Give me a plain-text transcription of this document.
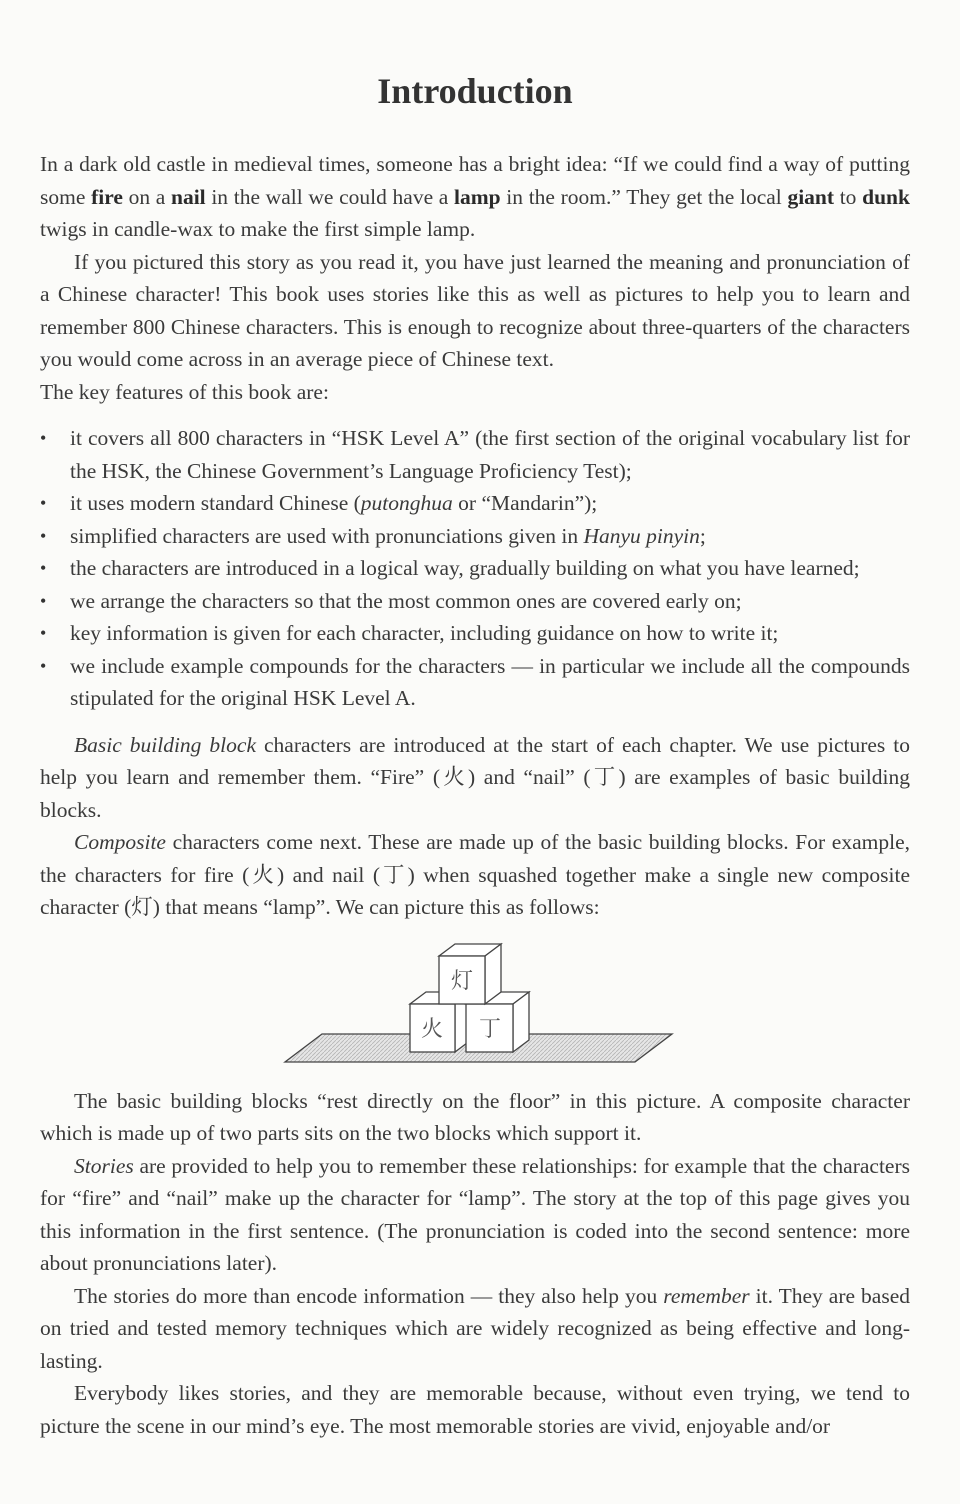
Introduction

In a dark old castle in medieval times, someone has a bright idea: “If we could find a way of putting some fire on a nail in the wall we could have a lamp in the room.” They get the local giant to dunk twigs in candle-wax to make the first simple lamp.

If you pictured this story as you read it, you have just learned the meaning and pronunciation of a Chinese character! This book uses stories like this as well as pictures to help you to learn and remember 800 Chinese characters. This is enough to recognize about three-quarters of the characters you would come across in an average piece of Chinese text.

The key features of this book are:

• it covers all 800 characters in “HSK Level A” (the first section of the original vocabulary list for the HSK, the Chinese Government’s Language Proficiency Test);
• it uses modern standard Chinese (putonghua or “Mandarin”);
• simplified characters are used with pronunciations given in Hanyu pinyin;
• the characters are introduced in a logical way, gradually building on what you have learned;
• we arrange the characters so that the most common ones are covered early on;
• key information is given for each character, including guidance on how to write it;
• we include example compounds for the characters — in particular we include all the compounds stipulated for the original HSK Level A.

Basic building block characters are introduced at the start of each chapter. We use pictures to help you learn and remember them. “Fire” (火) and “nail” (丁) are examples of basic building blocks.

Composite characters come next. These are made up of the basic building blocks. For example, the characters for fire (火) and nail (丁) when squashed together make a single new composite character (灯) that means “lamp”. We can picture this as follows:

火 丁
灯

The basic building blocks “rest directly on the floor” in this picture. A composite character which is made up of two parts sits on the two blocks which support it.

Stories are provided to help you to remember these relationships: for example that the characters for “fire” and “nail” make up the character for “lamp”. The story at the top of this page gives you this information in the first sentence. (The pronunciation is coded into the second sentence: more about pronunciations later).

The stories do more than encode information — they also help you remember it. They are based on tried and tested memory techniques which are widely recognized as being effective and long-lasting.

Everybody likes stories, and they are memorable because, without even trying, we tend to picture the scene in our mind’s eye. The most memorable stories are vivid, enjoyable and/or
